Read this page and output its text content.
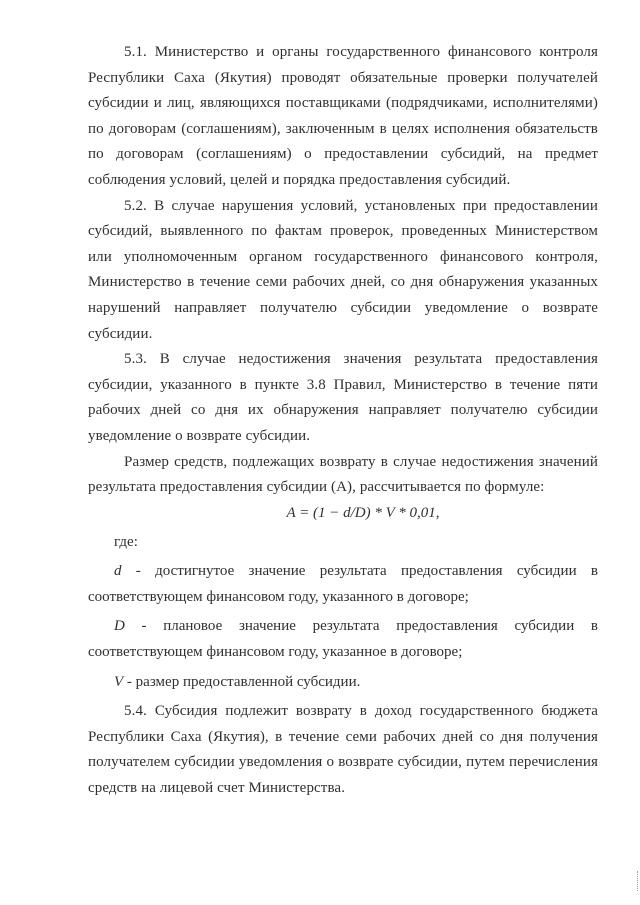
5.1. Министерство и органы государственного финансового контроля Республики Саха (Якутия) проводят обязательные проверки получателей субсидии и лиц, являющихся поставщиками (подрядчиками, исполнителями) по договорам (соглашениям), заключенным в целях исполнения обязательств по договорам (соглашениям) о предоставлении субсидий, на предмет соблюдения условий, целей и порядка предоставления субсидий.

5.2. В случае нарушения условий, установленых при предоставлении субсидий, выявленного по фактам проверок, проведенных Министерством или уполномоченным органом государственного финансового контроля, Министерство в течение семи рабочих дней, со дня обнаружения указанных нарушений направляет получателю субсидии уведомление о возврате субсидии.

5.3. В случае недостижения значения результата предоставления субсидии, указанного в пункте 3.8 Правил, Министерство в течение пяти рабочих дней со дня их обнаружения направляет получателю субсидии уведомление о возврате субсидии.

Размер средств, подлежащих возврату в случае недостижения значений результата предоставления субсидии (А), рассчитывается по формуле:

A = (1 − d/D) * V * 0,01,

где:

d - достигнутое значение результата предоставления субсидии в соответствующем финансовом году, указанного в договоре;

D - плановое значение результата предоставления субсидии в соответствующем финансовом году, указанное в договоре;

V - размер предоставленной субсидии.

5.4. Субсидия подлежит возврату в доход государственного бюджета Республики Саха (Якутия), в течение семи рабочих дней со дня получения получателем субсидии уведомления о возврате субсидии, путем перечисления средств на лицевой счет Министерства.
